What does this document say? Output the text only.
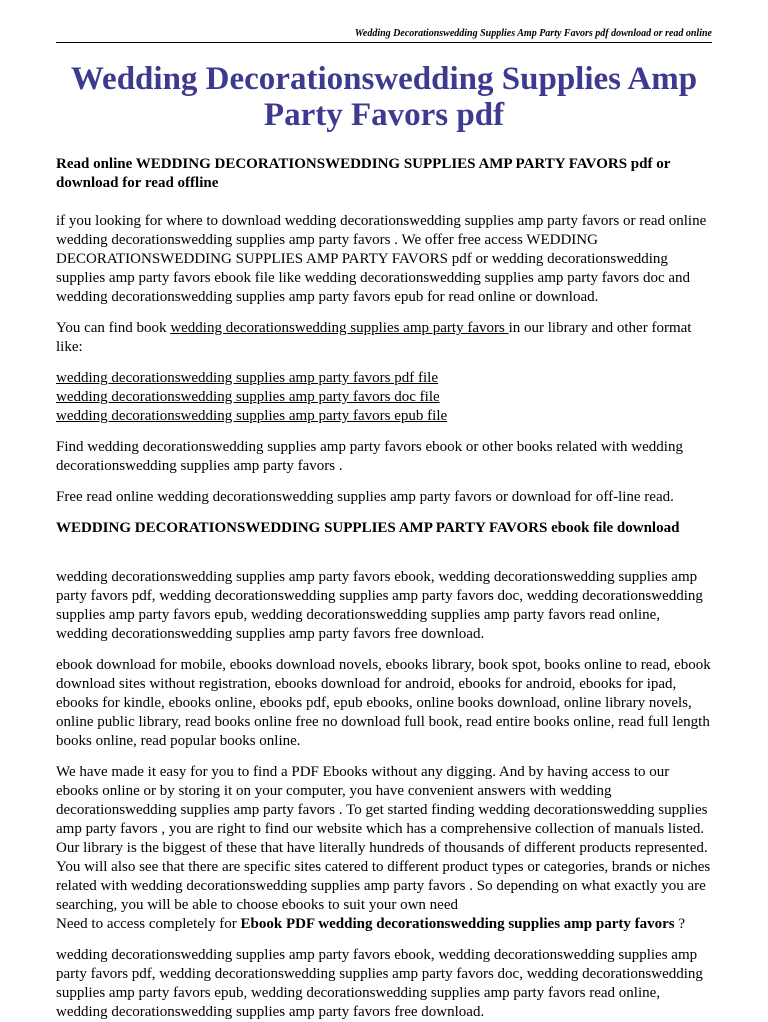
Wedding Decorationswedding Supplies Amp Party Favors pdf download or read online
Wedding Decorationswedding Supplies Amp Party Favors pdf

Read online WEDDING DECORATIONSWEDDING SUPPLIES AMP PARTY FAVORS pdf or download for read offline

if you looking for where to download wedding decorationswedding supplies amp party favors or read online wedding decorationswedding supplies amp party favors . We offer free access WEDDING DECORATIONSWEDDING SUPPLIES AMP PARTY FAVORS pdf or wedding decorationswedding supplies amp party favors ebook file like wedding decorationswedding supplies amp party favors doc and wedding decorationswedding supplies amp party favors epub for read online or download.

You can find book wedding decorationswedding supplies amp party favors in our library and other format like:

wedding decorationswedding supplies amp party favors pdf file
wedding decorationswedding supplies amp party favors doc file
wedding decorationswedding supplies amp party favors epub file

Find wedding decorationswedding supplies amp party favors ebook or other books related with wedding decorationswedding supplies amp party favors .

Free read online wedding decorationswedding supplies amp party favors or download for off-line read.

WEDDING DECORATIONSWEDDING SUPPLIES AMP PARTY FAVORS ebook file download

wedding decorationswedding supplies amp party favors ebook, wedding decorationswedding supplies amp party favors pdf, wedding decorationswedding supplies amp party favors doc, wedding decorationswedding supplies amp party favors epub, wedding decorationswedding supplies amp party favors read online, wedding decorationswedding supplies amp party favors free download.

ebook download for mobile, ebooks download novels, ebooks library, book spot, books online to read, ebook download sites without registration, ebooks download for android, ebooks for android, ebooks for ipad, ebooks for kindle, ebooks online, ebooks pdf, epub ebooks, online books download, online library novels, online public library, read books online free no download full book, read entire books online, read full length books online, read popular books online.

We have made it easy for you to find a PDF Ebooks without any digging. And by having access to our ebooks online or by storing it on your computer, you have convenient answers with wedding decorationswedding supplies amp party favors . To get started finding wedding decorationswedding supplies amp party favors , you are right to find our website which has a comprehensive collection of manuals listed.

Our library is the biggest of these that have literally hundreds of thousands of different products represented. You will also see that there are specific sites catered to different product types or categories, brands or niches related with wedding decorationswedding supplies amp party favors . So depending on what exactly you are searching, you will be able to choose ebooks to suit your own need

Need to access completely for Ebook PDF wedding decorationswedding supplies amp party favors ?

wedding decorationswedding supplies amp party favors ebook, wedding decorationswedding supplies amp party favors pdf, wedding decorationswedding supplies amp party favors doc, wedding decorationswedding supplies amp party favors epub, wedding decorationswedding supplies amp party favors read online, wedding decorationswedding supplies amp party favors free download.
